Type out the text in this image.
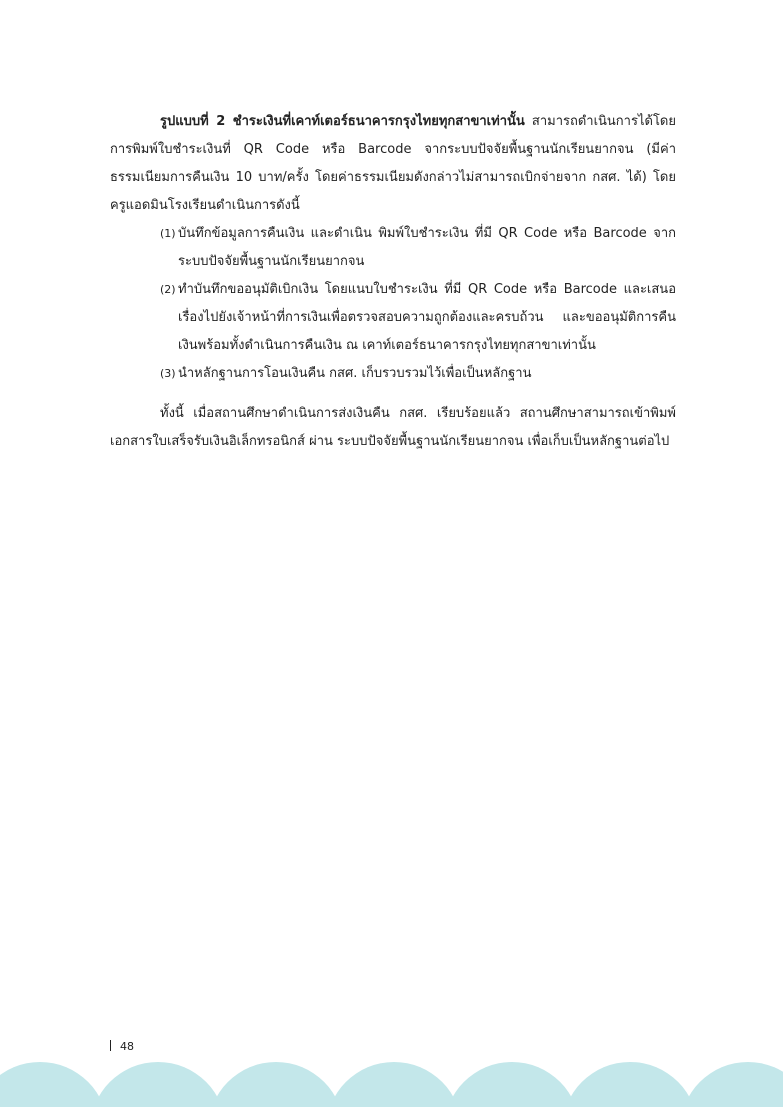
รูปแบบที่ 2 ชำระเงินที่เคาท์เตอร์ธนาคารกรุงไทยทุกสาขาเท่านั้น สามารถดำเนินการได้โดยการพิมพ์ใบชำระเงินที่ QR Code หรือ Barcode จากระบบปัจจัยพื้นฐานนักเรียนยากจน (มีค่าธรรมเนียมการคืนเงิน 10 บาท/ครั้ง โดยค่าธรรมเนียมดังกล่าวไม่สามารถเบิกจ่ายจาก กสศ. ได้) โดยครูแอดมินโรงเรียนดำเนินการดังนี้

(1) บันทึกข้อมูลการคืนเงิน และดำเนิน พิมพ์ใบชำระเงิน ที่มี QR Code หรือ Barcode จากระบบปัจจัยพื้นฐานนักเรียนยากจน
(2) ทำบันทึกขออนุมัติเบิกเงิน โดยแนบใบชำระเงิน ที่มี QR Code หรือ Barcode และเสนอเรื่องไปยังเจ้าหน้าที่การเงินเพื่อตรวจสอบความถูกต้องและครบถ้วน และขออนุมัติการคืนเงินพร้อมทั้งดำเนินการคืนเงิน ณ เคาท์เตอร์ธนาคารกรุงไทยทุกสาขาเท่านั้น
(3) นำหลักฐานการโอนเงินคืน กสศ. เก็บรวบรวมไว้เพื่อเป็นหลักฐาน

ทั้งนี้ เมื่อสถานศึกษาดำเนินการส่งเงินคืน กสศ. เรียบร้อยแล้ว สถานศึกษาสามารถเข้าพิมพ์เอกสารใบเสร็จรับเงินอิเล็กทรอนิกส์ ผ่าน ระบบปัจจัยพื้นฐานนักเรียนยากจน เพื่อเก็บเป็นหลักฐานต่อไป

48
